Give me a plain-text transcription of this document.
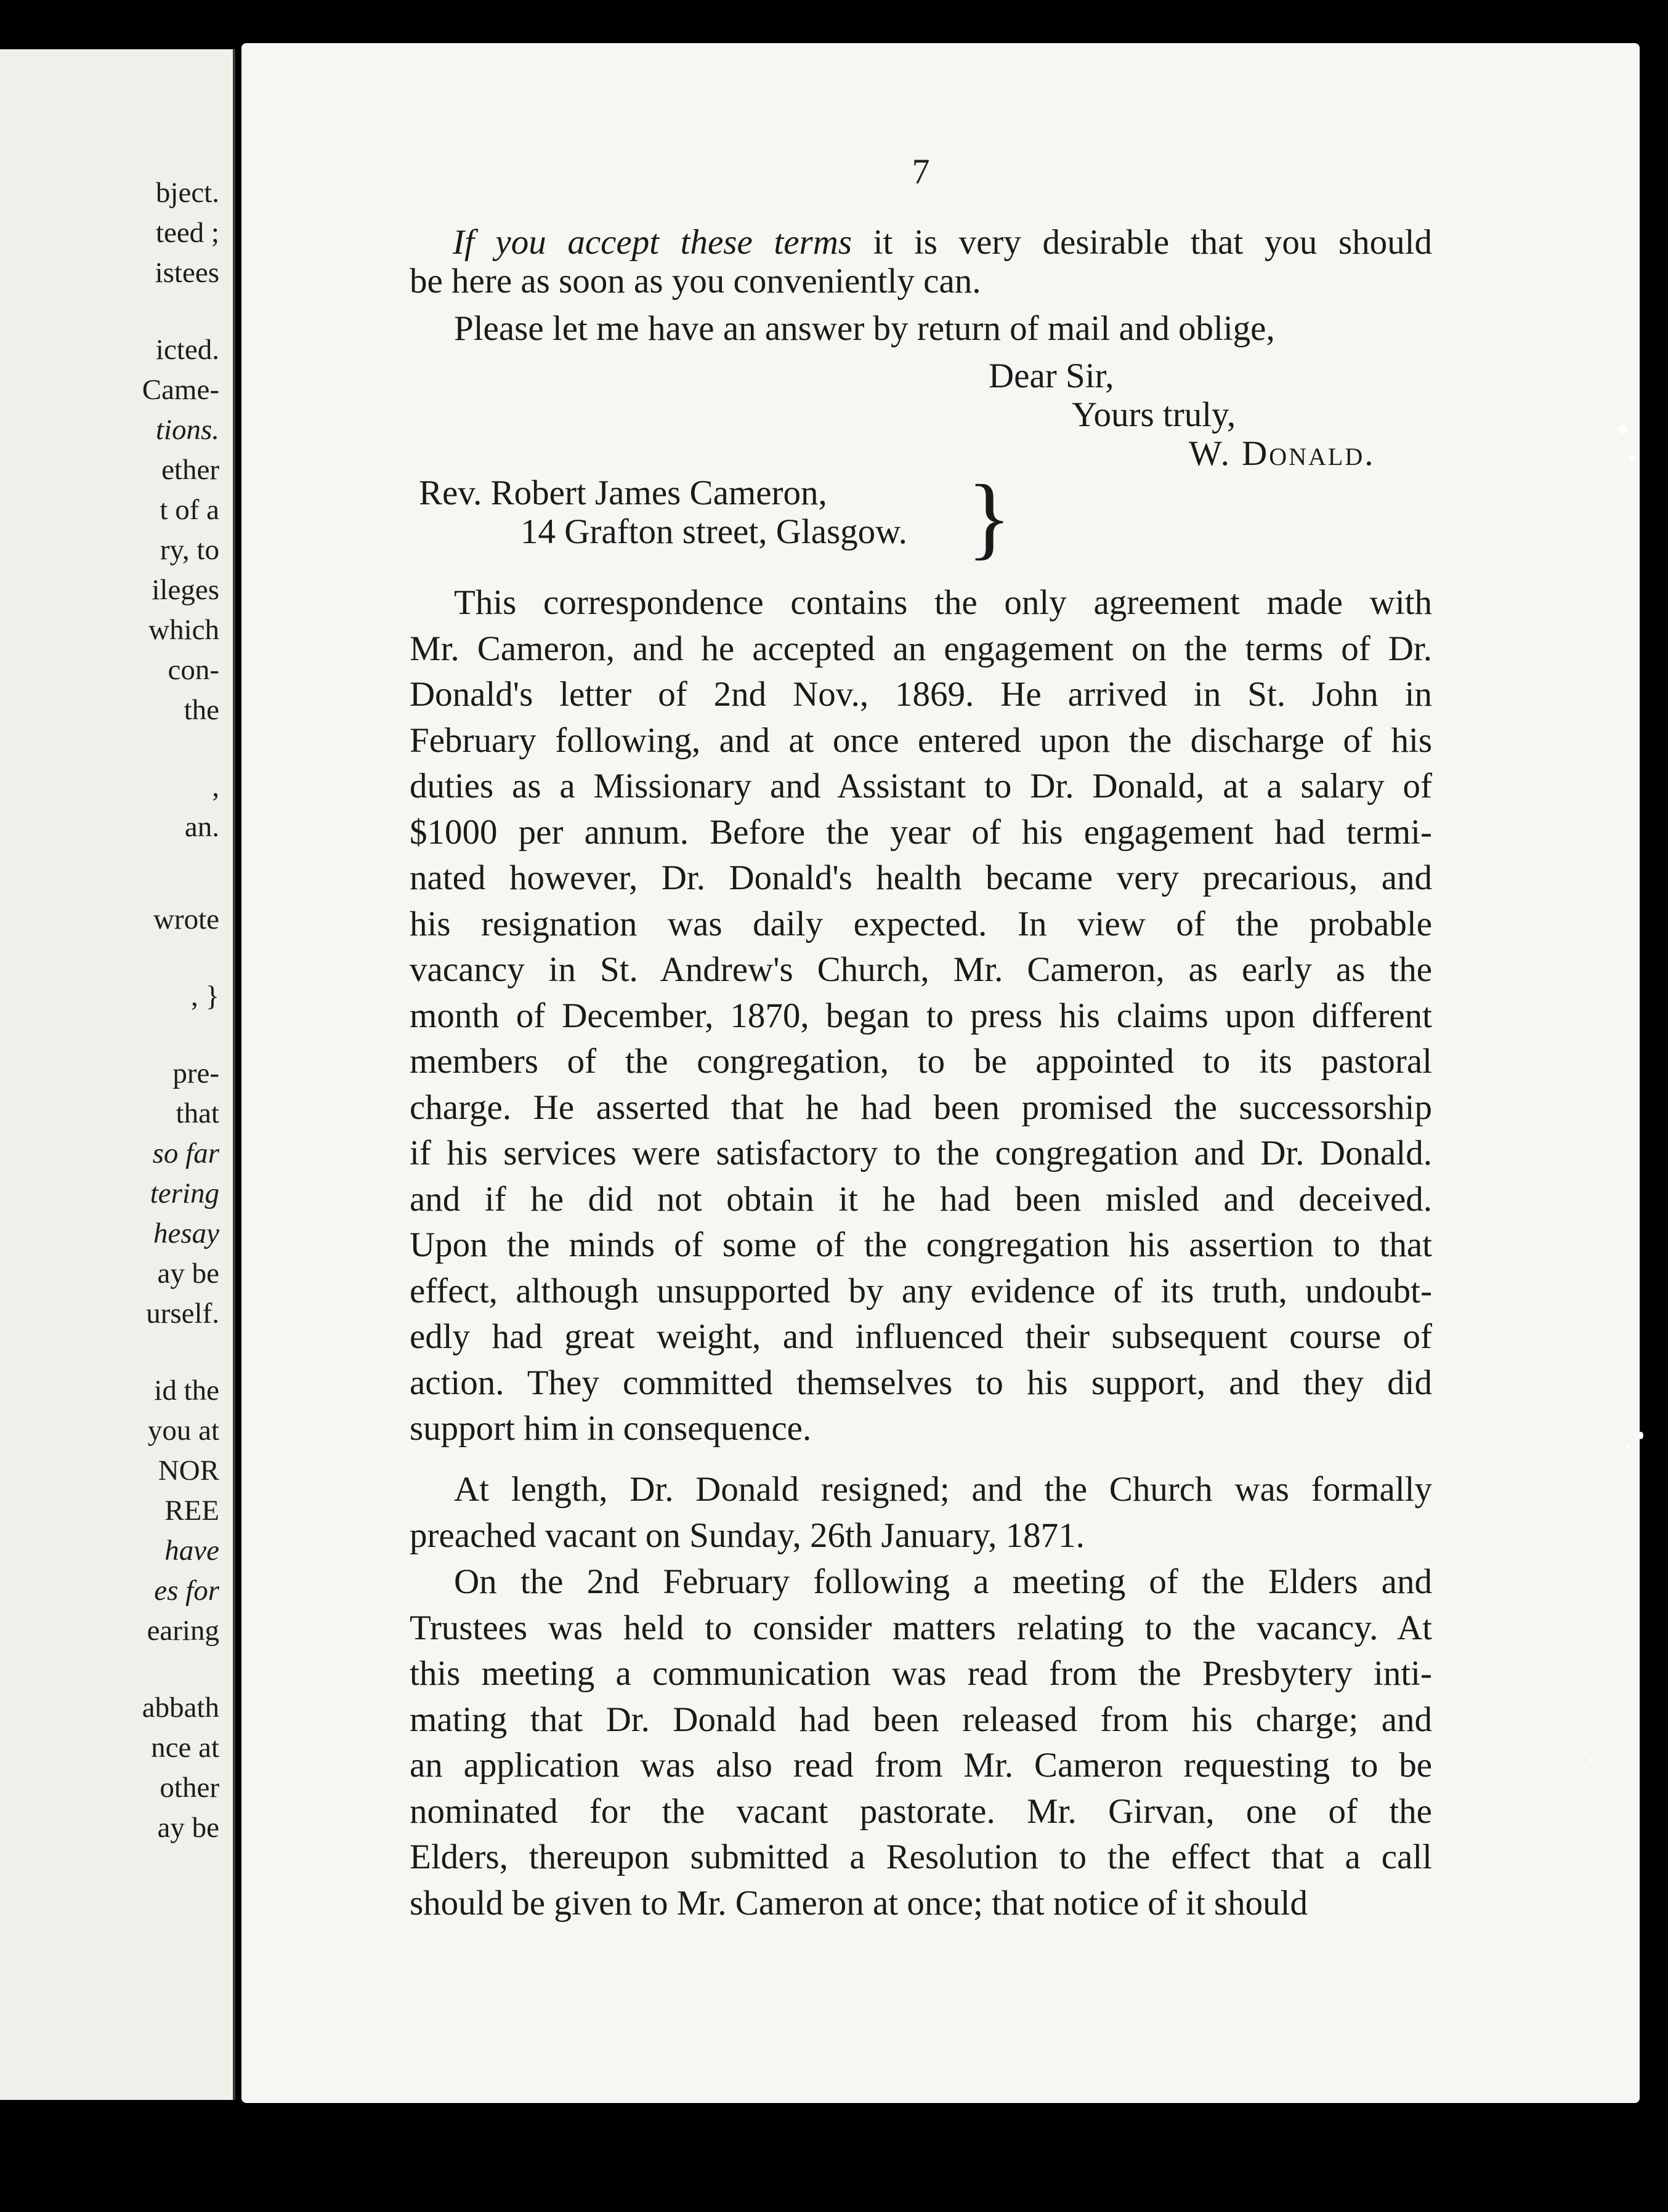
bject.
teed ;
istees
icted.
Came-
tions.
ether
t of a
ry, to
ileges
which
con-
the
,
an.
wrote
, }
pre-
that
so far
tering
hesay
ay be
urself.
id the
you at
NOR
REE
have
es for
earing
abbath
nce at
other
ay be
7
If you accept these terms it is very desirable that you should
be here as soon as you conveniently can.
Please let me have an answer by return of mail and oblige,
Dear Sir,
Yours truly,
W. Donald.
Rev. Robert James Cameron,
14 Grafton street, Glasgow. }
This correspondence contains the only agreement made with
Mr. Cameron, and he accepted an engagement on the terms of Dr.
Donald's letter of 2nd Nov., 1869. He arrived in St. John in
February following, and at once entered upon the discharge of his
duties as a Missionary and Assistant to Dr. Donald, at a salary of
$1000 per annum. Before the year of his engagement had termi-
nated however, Dr. Donald's health became very precarious, and
his resignation was daily expected. In view of the probable
vacancy in St. Andrew's Church, Mr. Cameron, as early as the
month of December, 1870, began to press his claims upon different
members of the congregation, to be appointed to its pastoral
charge. He asserted that he had been promised the successorship
if his services were satisfactory to the congregation and Dr. Donald.
and if he did not obtain it he had been misled and deceived.
Upon the minds of some of the congregation his assertion to that
effect, although unsupported by any evidence of its truth, undoubt-
edly had great weight, and influenced their subsequent course of
action. They committed themselves to his support, and they did
support him in consequence.
At length, Dr. Donald resigned; and the Church was formally
preached vacant on Sunday, 26th January, 1871.
On the 2nd February following a meeting of the Elders and
Trustees was held to consider matters relating to the vacancy. At
this meeting a communication was read from the Presbytery inti-
mating that Dr. Donald had been released from his charge; and
an application was also read from Mr. Cameron requesting to be
nominated for the vacant pastorate. Mr. Girvan, one of the
Elders, thereupon submitted a Resolution to the effect that a call
should be given to Mr. Cameron at once; that notice of it should
